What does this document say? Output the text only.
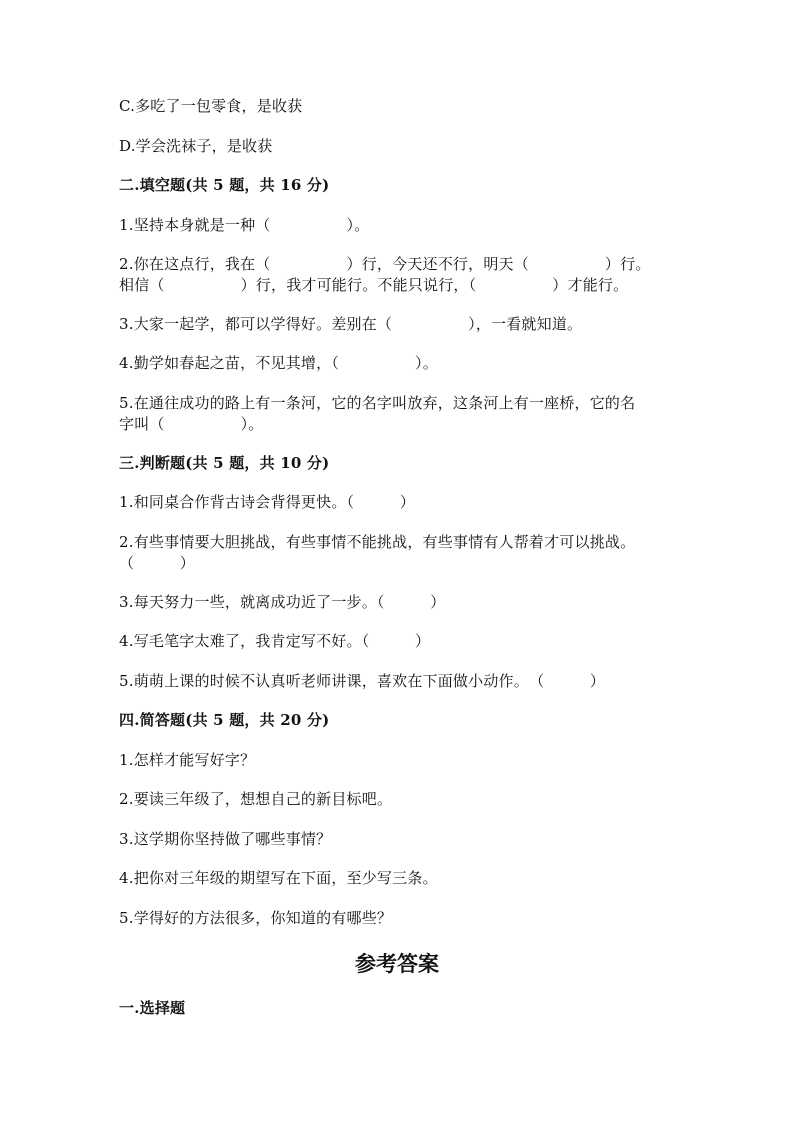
C.多吃了一包零食，是收获
D.学会洗袜子，是收获
二.填空题(共 5 题，共 16 分)
1.坚持本身就是一种（　　　　　）。
2.你在这点行，我在（　　　　　）行，今天还不行，明天（　　　　　）行。
相信（　　　　　）行，我才可能行。不能只说行，（　　　　　）才能行。
3.大家一起学，都可以学得好。差别在（　　　　　），一看就知道。
4.勤学如春起之苗，不见其增，（　　　　　）。
5.在通往成功的路上有一条河，它的名字叫放弃，这条河上有一座桥，它的名
字叫（　　　　　）。
三.判断题(共 5 题，共 10 分)
1.和同桌合作背古诗会背得更快。（　　　）
2.有些事情要大胆挑战，有些事情不能挑战，有些事情有人帮着才可以挑战。
（　　　）
3.每天努力一些，就离成功近了一步。（　　　）
4.写毛笔字太难了，我肯定写不好。（　　　）
5.萌萌上课的时候不认真听老师讲课，喜欢在下面做小动作。　（　　　）
四.简答题(共 5 题，共 20 分)
1.怎样才能写好字？
2.要读三年级了，想想自己的新目标吧。
3.这学期你坚持做了哪些事情？
4.把你对三年级的期望写在下面，至少写三条。
5.学得好的方法很多，你知道的有哪些？
参考答案
一.选择题
